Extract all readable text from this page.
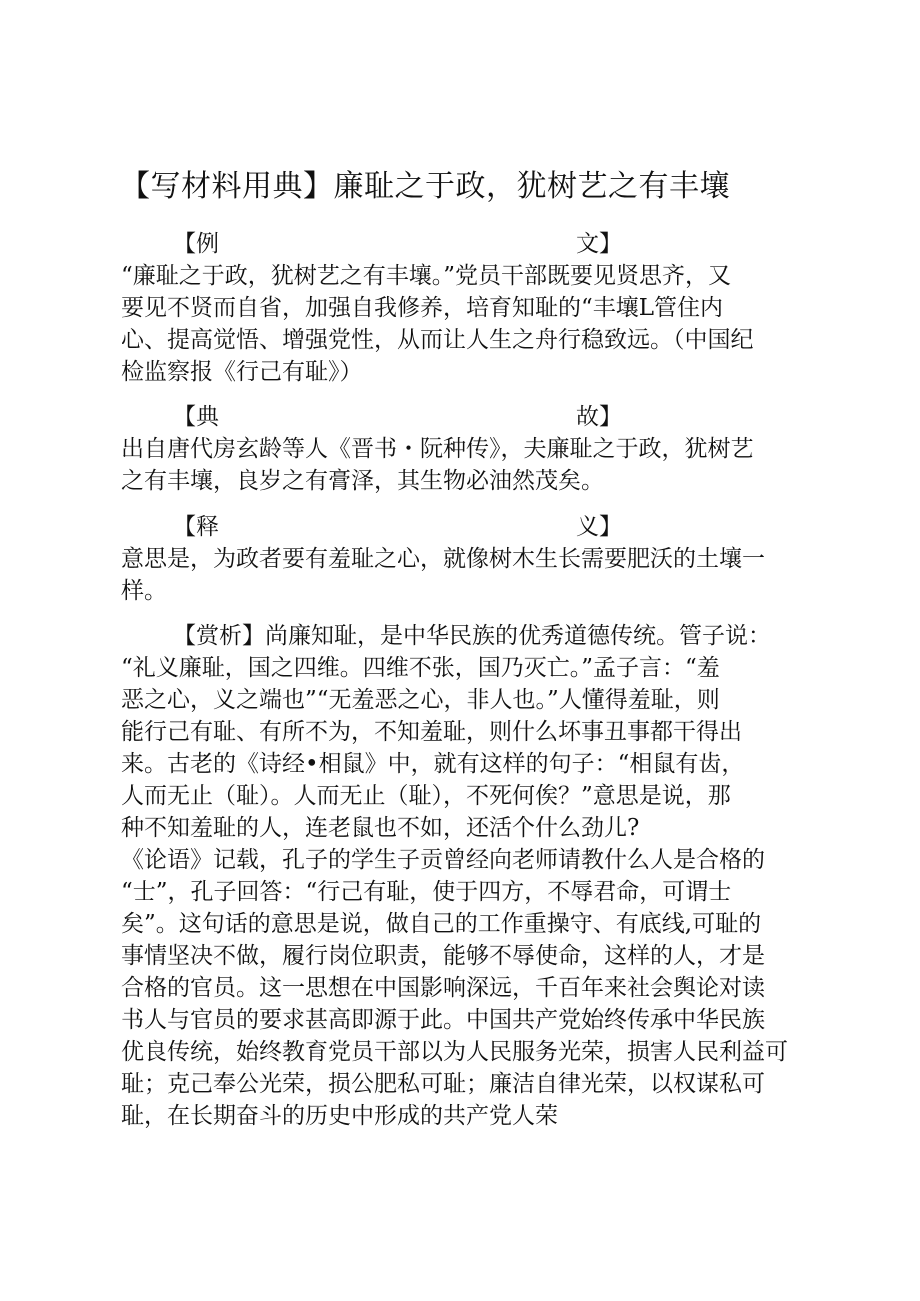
【写材料用典】廉耻之于政，犹树艺之有丰壤
【例	文】
“廉耻之于政，犹树艺之有丰壤。”党员干部既要见贤思齐，又
要见不贤而自省，加强自我修养，培育知耻的“丰壤L管住内
心、提高觉悟、增强党性，从而让人生之舟行稳致远。（中国纪
检监察报《行己有耻》）
【典	故】
出自唐代房玄龄等人《晋书・阮种传》，夫廉耻之于政，犹树艺
之有丰壤，良岁之有膏泽，其生物必油然茂矣。
【释	义】
意思是，为政者要有羞耻之心，就像树木生长需要肥沃的土壤一
样。
【赏析】尚廉知耻，是中华民族的优秀道德传统。管子说：
“礼义廉耻，国之四维。四维不张，国乃灭亡。”孟子言：“羞
恶之心，义之端也”“无羞恶之心，非人也。”人懂得羞耻，则
能行己有耻、有所不为，不知羞耻，则什么坏事丑事都干得出
来。古老的《诗经•相鼠》中，就有这样的句子：“相鼠有齿，
人而无止（耻）。人而无止（耻），不死何俟？”意思是说，那
种不知羞耻的人，连老鼠也不如，还活个什么劲儿?
《论语》记载，孔子的学生子贡曾经向老师请教什么人是合格的
“士”，孔子回答：“行己有耻，使于四方，不辱君命，可谓士
矣”。这句话的意思是说，做自己的工作重操守、有底线,可耻的
事情坚决不做，履行岗位职责，能够不辱使命，这样的人，才是
合格的官员。这一思想在中国影响深远，千百年来社会舆论对读
书人与官员的要求甚高即源于此。中国共产党始终传承中华民族
优良传统，始终教育党员干部以为人民服务光荣，损害人民利益可
耻；克己奉公光荣，损公肥私可耻；廉洁自律光荣，以权谋私可
耻，在长期奋斗的历史中形成的共产党人荣
